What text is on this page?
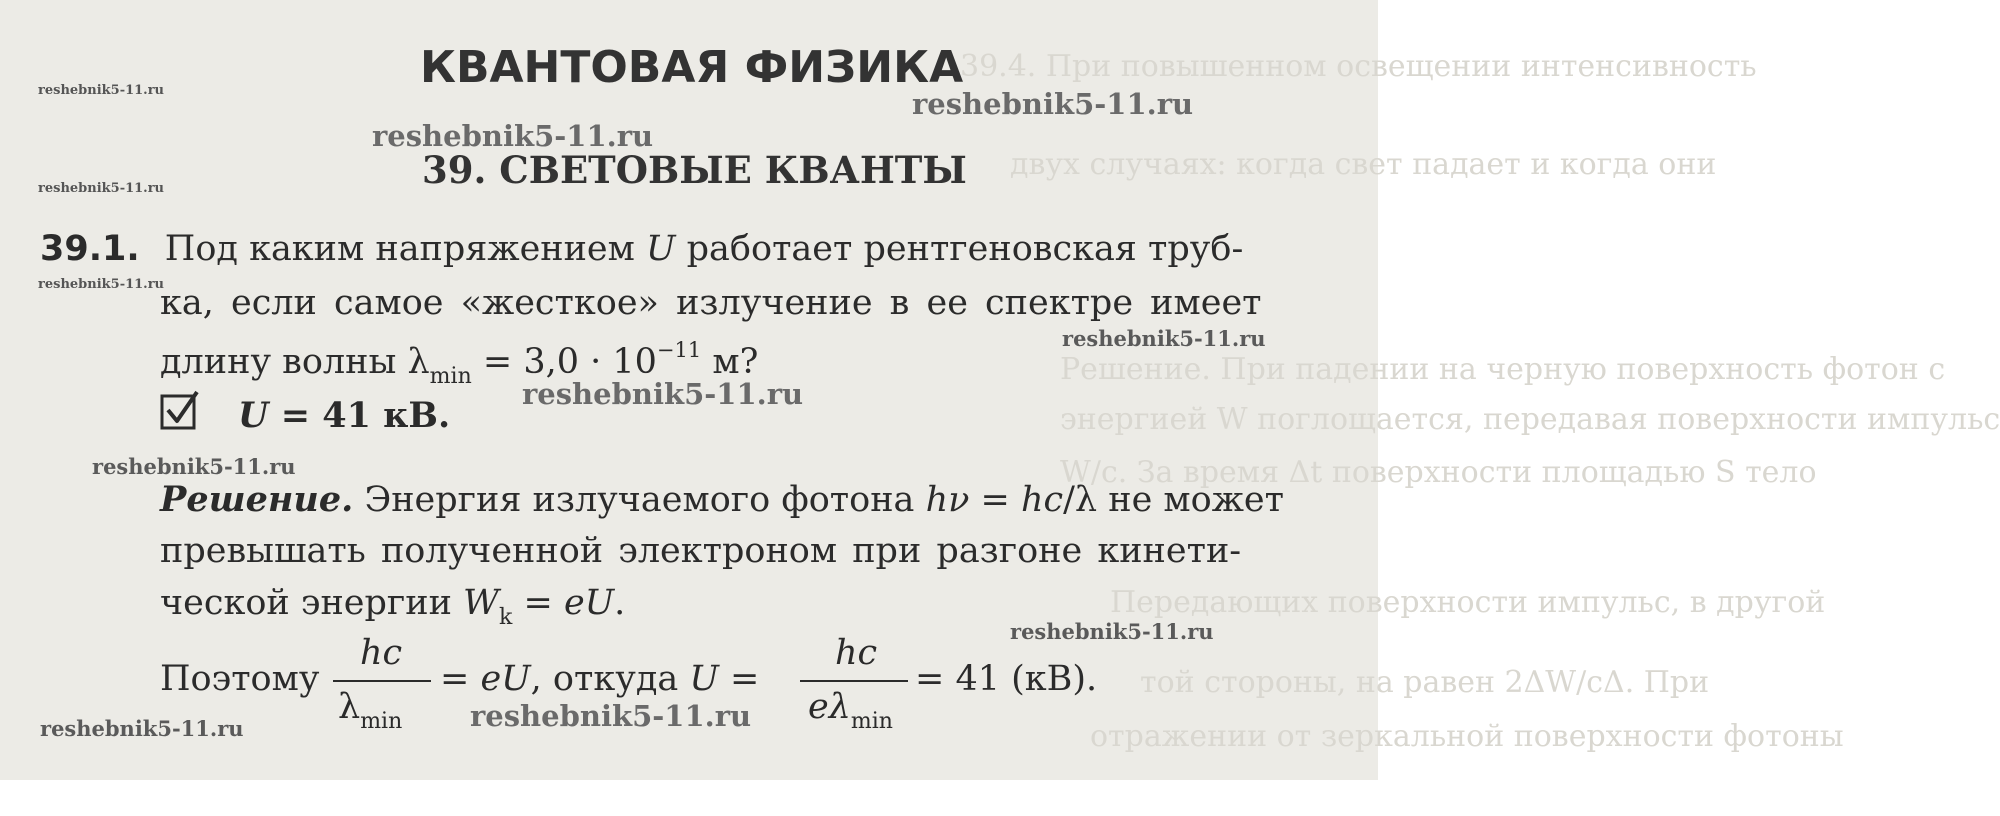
39.4. При повышенном освещении интенсивность
двух случаях: когда свет падает и когда они
Решение. При падении на черную поверхность фотон с
энергией W поглощается, передавая поверхности импульс
W/c. За время Δt поверхности площадью S тело
Передающих поверхности импульс, в другой
той стороны, на равен 2ΔW/cΔ. При
отражении от зеркальной поверхности фотоны
КВАНТОВАЯ ФИЗИКА
39. СВЕТОВЫЕ КВАНТЫ
39.1. Под каким напряжением U работает рентгеновская труб-
ка, если самое «жесткое» излучение в ее спектре имеет
длину волны $\lambda_{min} = 3,0 \cdot 10^{-11}$ м?
U = 41 кВ.
Решение. Энергия излучаемого фотона hν = hc/λ не может
превышать полученной электроном при разгоне кинети-
ческой энергии $W_k$ = eU.
Поэтому
hc
$\lambda_{min}$
= eU, откуда U =
hc
$e\lambda_{min}$
= 41 (кВ).
reshebnik5-11.ru
reshebnik5-11.ru
reshebnik5-11.ru
reshebnik5-11.ru
reshebnik5-11.ru
reshebnik5-11.ru
reshebnik5-11.ru
reshebnik5-11.ru
reshebnik5-11.ru
reshebnik5-11.ru	reshebnik5-11.ru
